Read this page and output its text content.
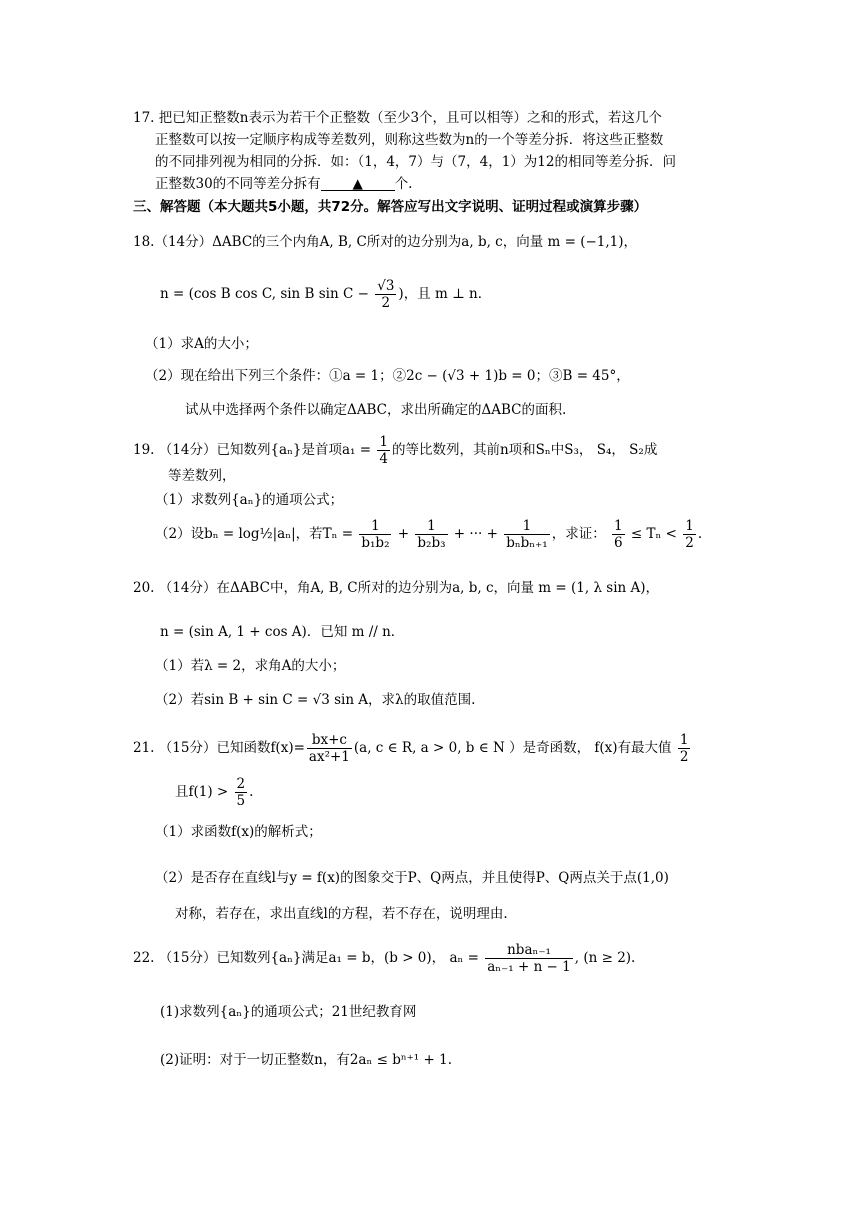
17. 把已知正整数n表示为若干个正整数（至少3个，且可以相等）之和的形式，若这几个
正整数可以按一定顺序构成等差数列，则称这些数为n的一个等差分拆．将这些正整数
的不同排列视为相同的分拆．如：（1，4，7）与（7，4，1）为12的相同等差分拆．问
正整数30的不同等差分拆有 ▲ 个.
三、解答题（本大题共5小题，共72分。解答应写出文字说明、证明过程或演算步骤）
18.（14分）ΔABC的三个内角A, B, C所对的边分别为a, b, c，向量 m = (−1,1)，
n = (cos B cos C, sin B $\sin C - \frac{√3}{2}$ )，且 m ⊥ n．
（1）求A的大小；
（2）现在给出下列三个条件：①a = 1；②2c − (√3 + 1)b = 0；③B = 45°，
试从中选择两个条件以确定ΔABC，求出所确定的ΔABC的面积.
19. （14分）已知数列{aₙ}是首项$a_1 = \frac{1}{4}$ 的等比数列，其前n项和Sₙ中S₃， S₄， S₂成
等差数列，
（1）求数列{aₙ}的通项公式；
（2）设bₙ = log½|aₙ|，若$T_n = \frac{1}{\text{b₁b₂}} + \frac{1}{\text{b₂b₃}}$ + ··· + $\frac{1}{\text{bₙbₙ₊₁}}$ ，求证： $\frac{1}{6} \le T_n < \frac{1}{2}$ .
20. （14分）在ΔABC中，角A, B, C所对的边分别为a, b, c，向量 m = (1, λ sin A)，
n = (sin A, 1 + cos A)．已知 m // n．
（1）若λ = 2，求角A的大小；
（2）若sin B + sin C = √3 sin A，求λ的取值范围.
21. （15分）已知函数$f(x)= \frac{bx+c}{\text{ax²+1}} (a$, c ∈ R, a > 0, b ∈ N ）是奇函数， f(x)有最大值 $\frac{1}{2}$
且$f(1) > \frac{2}{5}$ .
（1）求函数f(x)的解析式；
（2）是否存在直线l与y = f(x)的图象交于P、Q两点，并且使得P、Q两点关于点(1,0)
对称，若存在，求出直线l的方程，若不存在，说明理由.
22. （15分）已知数列{aₙ}满足a₁ = b，(b > 0)， $a_n = \frac{\text{nbaₙ₋₁}}{\text{aₙ₋₁ + n − 1}}$ , (n ≥ 2).
(1)求数列{aₙ}的通项公式；21世纪教育网
(2)证明：对于一切正整数n，有2aₙ ≤ bⁿ⁺¹ + 1.
